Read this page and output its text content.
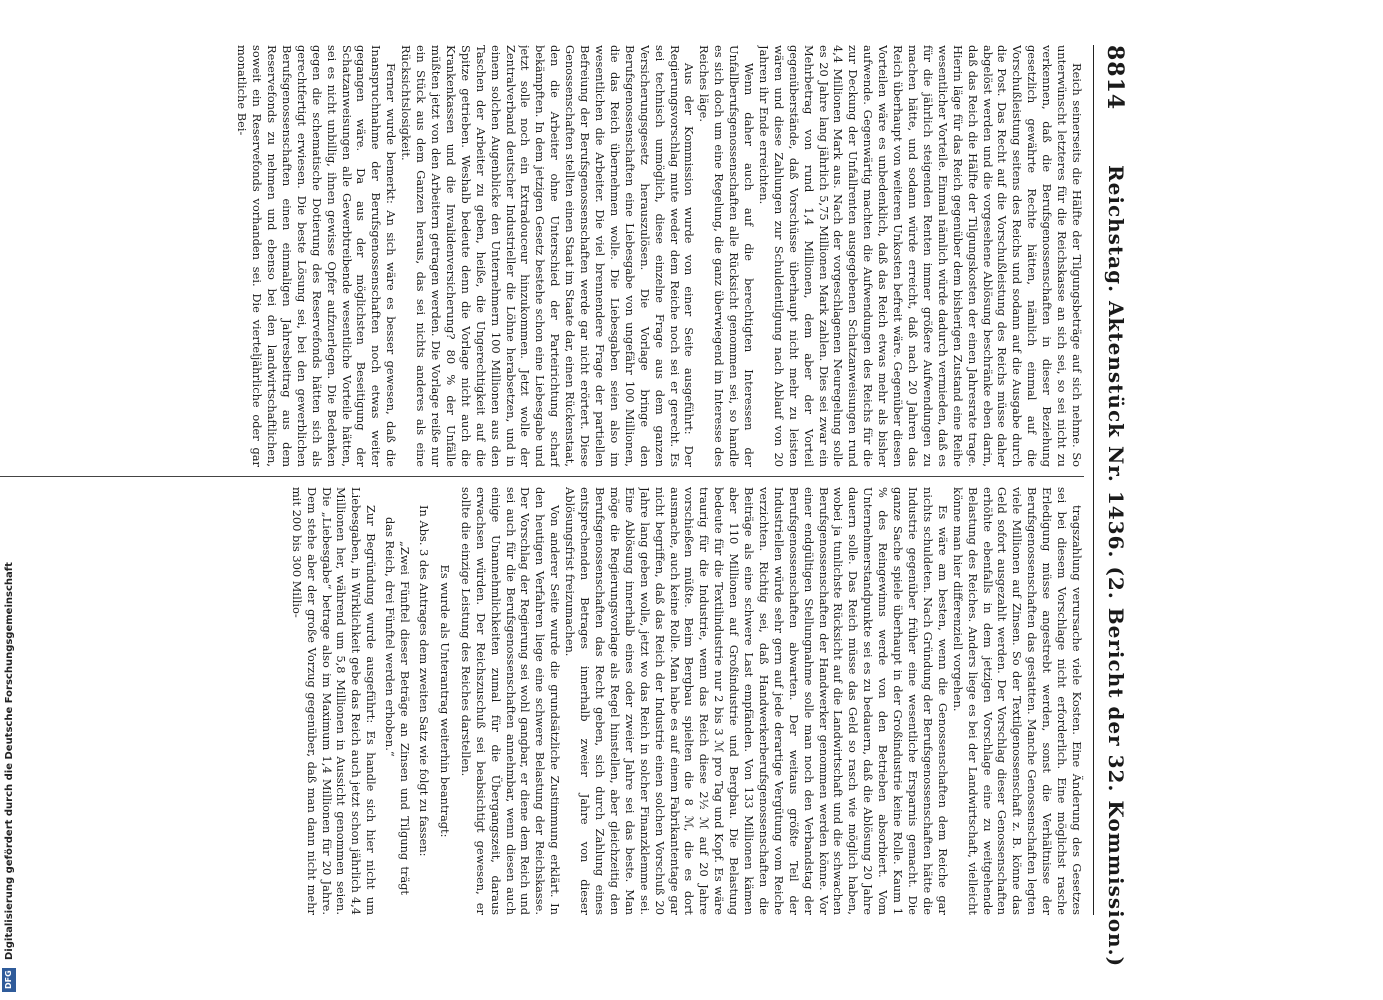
8814
Reichstag. Aktenstück Nr. 1436. (2. Bericht der 32. Kommission.)

Reich seinerseits die Hälfte der Tilgungsbeträge auf sich nehme. So unterwünscht letzteres für die Reichskasse an sich sei, so sei nicht zu verkennen, daß die Berufsgenossenschaften in dieser Beziehung gesetzlich gewährte Rechte hätten, nämlich einmal auf die Vorschußleistung seitens des Reichs und sodann auf die Ausgabe durch die Post. Das Recht auf die Vorschußleistung des Reichs müsse daher abgelöst werden und die vorgesehene Ablösung beschränke eben darin, daß das Reich die Hälfte der Tilgungskosten der einen Jahresrate trage. Hierin läge für das Reich gegenüber dem bisherigen Zustand eine Reihe wesentlicher Vorteile. Einmal nämlich würde dadurch vermieden, daß es für die jährlich steigenden Renten immer größere Aufwendungen zu machen hätte, und sodann würde erreicht, daß nach 20 Jahren das Reich überhaupt von weiteren Unkosten befreit wäre. Gegenüber diesen Vorteilen wäre es unbedenklich, daß das Reich etwas mehr als bisher aufwende. Gegenwärtig machten die Aufwendungen des Reichs für die zur Deckung der Unfallrenten ausgegebenen Schatzanweisungen rund 4,4 Millionen Mark aus. Nach der vorgeschlagenen Neuregelung solle es 20 Jahre lang jährlich 5,75 Millionen Mark zahlen. Dies sei zwar ein Mehrbetrag von rund 1,4 Millionen, dem aber der Vorteil gegenüberstände, daß Vorschüsse überhaupt nicht mehr zu leisten wären und diese Zahlungen zur Schuldentilgung nach Ablauf von 20 Jahren ihr Ende erreichten.

Wenn daher auch auf die berechtigten Interessen der Unfallberufsgenossenschaften alle Rücksicht genommen sei, so handle es sich doch um eine Regelung, die ganz überwiegend im Interesse des Reiches läge.

Aus der Kommission wurde von einer Seite ausgeführt: Der Regierungsvorschlag mute weder dem Reiche noch sei er gerecht. Es sei technisch unmöglich, diese einzelne Frage aus dem ganzen Versicherungsgesetz herauszulösen. Die Vorlage bringe den Berufsgenossenschaften eine Liebesgabe von ungefähr 100 Millionen, die das Reich übernehmen wolle. Die Liebesgaben seien also im wesentlichen die Arbeiter. Die viel brennendere Frage der partiellen Befreiung der Berufsgenossenschaften werde gar nicht erörtert. Diese Genossenschaften stellten einen Staat im Staate dar, einen Rückenstaat, den die Arbeiter ohne Unterschied der Parteirichtung scharf bekämpften. In dem jetzigen Gesetz bestehe schon eine Liebesgabe und jetzt solle noch ein Extradouceur hinzukommen. Jetzt wolle der Zentralverband deutscher Industrieller die Löhne herabsetzen, und in einem solchen Augenblicke den Unternehmern 100 Millionen aus den Taschen der Arbeiter zu geben, heiße, die Ungerechtigkeit auf die Spitze getrieben. Weshalb bedeute denn die Vorlage nicht auch die Krankenkassen und die Invalidenversicherung? 80 % der Unfälle müßten jetzt von den Arbeitern getragen werden. Die Vorlage reiße nur ein Stück aus dem Ganzen heraus, das sei nichts anderes als eine Rücksichtslosigkeit.

Ferner wurde bemerkt: An sich wäre es besser gewesen, daß die Inanspruchnahme der Berufsgenossenschaften noch etwas weiter gegangen wäre. Da aus der möglichsten Beseitigung der Schatzanweisungen alle Gewerbtreibende wesentliche Vorteile hätten, sei es nicht unbillig, ihnen gewisse Opfer aufzuerlegen. Die Bedenken gegen die schematische Dotierung des Reservefonds hätten sich als gerechtfertigt erwiesen. Die beste Lösung sei, bei den gewerblichen Berufsgenossenschaften einen einmaligen Jahresbeitrag aus dem Reservefonds zu nehmen und ebenso bei den landwirtschaftlichen, soweit ein Reservefonds vorhanden sei. Die vierteljährliche oder gar monatliche Bei-

tragszahlung verursache viele Kosten. Eine Änderung des Gesetzes sei bei diesem Vorschlage nicht erforderlich. Eine möglichst rasche Erledigung müsse angestrebt werden, sonst die Verhältnisse der Berufsgenossenschaften das gestatten. Manche Genossenschaften legten viele Millionen auf Zinsen. So der Textilgenossenschaft z. B. könne das Geld sofort ausgezahlt werden. Der Vorschlag dieser Genossenschaften erhöhte ebenfalls in dem jetzigen Vorschlage eine zu weitgehende Belastung des Reiches. Anders liege es bei der Landwirtschaft, vielleicht könne man hier differenziell vorgehen.

Es wäre am besten, wenn die Genossenschaften dem Reiche gar nichts schuldeten. Nach Gründung der Berufsgenossenschaften hätte die Industrie gegenüber früher eine wesentliche Ersparnis gemacht. Die ganze Sache spiele überhaupt in der Großindustrie keine Rolle. Kaum 1 % des Reingewinns werde von den Betrieben absorbiert. Vom Unternehmerstandpunkte sei es zu bedauern, daß die Ablösung 20 Jahre dauern solle. Das Reich müsse das Geld so rasch wie möglich haben, wobei ja tunlichste Rücksicht auf die Landwirtschaft und die schwachen Berufsgenossenschaften der Handwerker genommen werden könne. Vor einer endgültigen Stellungnahme solle man noch den Verbandstag der Berufsgenossenschaften abwarten. Der weitaus größte Teil der Industriellen würde sehr gern auf jede derartige Vergütung vom Reiche verzichten. Richtig sei, daß Handwerkerberufsgenossenschaften die Beiträge als eine schwere Last empfänden. Von 133 Millionen kämen aber 110 Millionen auf Großindustrie und Bergbau. Die Belastung bedeute für die Textilindustrie nur 2 bis 3 ℳ pro Tag und Kopf. Es wäre traurig für die Industrie, wenn das Reich diese 2½ ℳ auf 20 Jahre vorschießen müßte. Beim Bergbau spielten die 8 ℳ, die es dort ausmache, auch keine Rolle. Man habe es auf einem Fabrikantentage gar nicht begriffen, daß das Reich der Industrie einen solchen Vorschuß 20 Jahre lang geben wolle, jetzt wo das Reich in solcher Finanzklemme sei. Eine Ablösung innerhalb eines oder zweier Jahre sei das beste. Man möge die Regierungsvorlage als Regel hinstellen, aber gleichzeitig den Berufsgenossenschaften das Recht geben, sich durch Zahlung eines entsprechenden Betrages innerhalb zweier Jahre von dieser Ablösungsfrist freizumachen.

Von anderer Seite wurde die grundsätzliche Zustimmung erklärt. In den heutigen Verfahren liege eine schwere Belastung der Reichskasse. Der Vorschlag der Regierung sei wohl gangbar, er diene dem Reich und sei auch für die Berufsgenossenschaften annehmbar, wenn diesen auch einige Unannehmlichkeiten zumal für die Übergangszeit, daraus erwachsen würden. Der Reichszuschuß sei beabsichtigt gewesen, er sollte die einzige Leistung des Reiches darstellen.

Es wurde als Unterantrag weiterhin beantragt:

In Abs. 3 des Antrages dem zweiten Satz wie folgt zu fassen:

„Zwei Fünftel dieser Beträge an Zinsen und Tilgung trägt das Reich, drei Fünftel werden erhoben.“

Zur Begründung wurde ausgeführt: Es handle sich hier nicht um Liebesgaben, in Wirklichkeit gebe das Reich auch jetzt schon jährlich 4,4 Millionen her, während um 5,8 Millionen in Aussicht genommen seien. Die „Liebesgabe“ betrage also im Maximum 1,4 Millionen für 20 Jahre. Dem stehe aber der große Vorzug gegenüber, daß man dann nicht mehr mit 200 bis 300 Millio-

Digitalisierung gefördert durch die Deutsche Forschungsgemeinschaft
DFG
